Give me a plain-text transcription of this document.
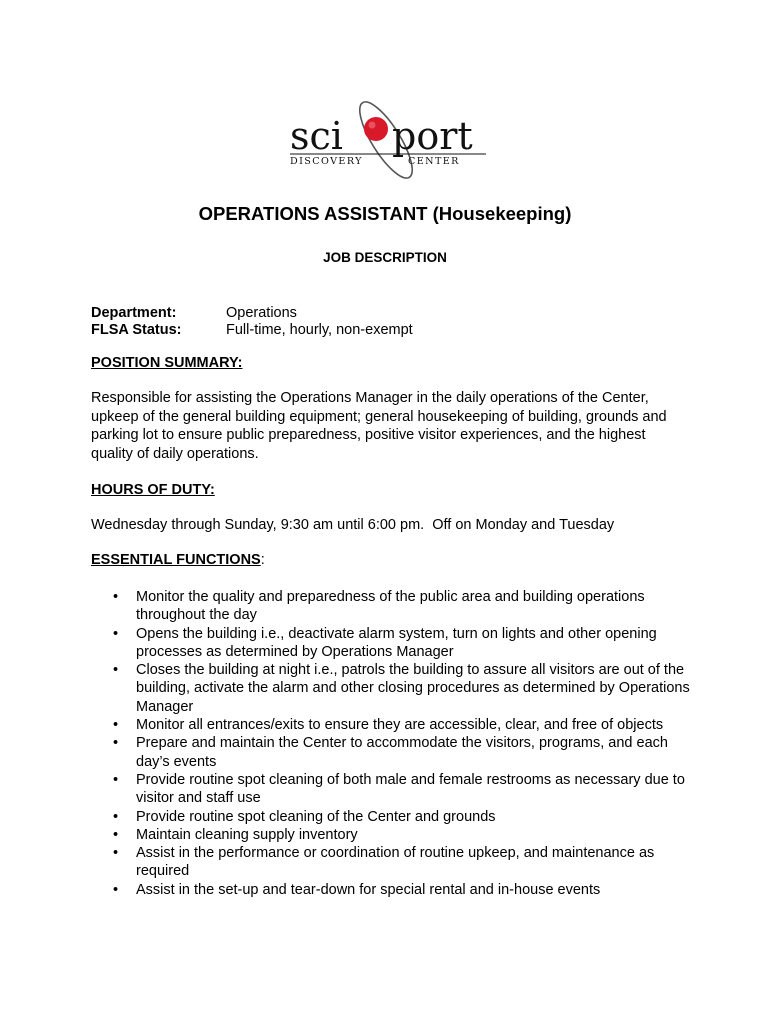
sci port
DISCOVERY	CENTER
OPERATIONS ASSISTANT (Housekeeping)
JOB DESCRIPTION
Department:	Operations
FLSA Status:	Full-time, hourly, non-exempt
POSITION SUMMARY:
Responsible for assisting the Operations Manager in the daily operations of the Center, upkeep of the general building equipment; general housekeeping of building, grounds and parking lot to ensure public preparedness, positive visitor experiences, and the highest quality of daily operations.
HOURS OF DUTY:
Wednesday through Sunday, 9:30 am until 6:00 pm.  Off on Monday and Tuesday
ESSENTIAL FUNCTIONS:
• Monitor the quality and preparedness of the public area and building operations throughout the day
• Opens the building i.e., deactivate alarm system, turn on lights and other opening processes as determined by Operations Manager
• Closes the building at night i.e., patrols the building to assure all visitors are out of the building, activate the alarm and other closing procedures as determined by Operations Manager
• Monitor all entrances/exits to ensure they are accessible, clear, and free of objects
• Prepare and maintain the Center to accommodate the visitors, programs, and each day’s events
• Provide routine spot cleaning of both male and female restrooms as necessary due to visitor and staff use
• Provide routine spot cleaning of the Center and grounds
• Maintain cleaning supply inventory
• Assist in the performance or coordination of routine upkeep, and maintenance as required
• Assist in the set-up and tear-down for special rental and in-house events
